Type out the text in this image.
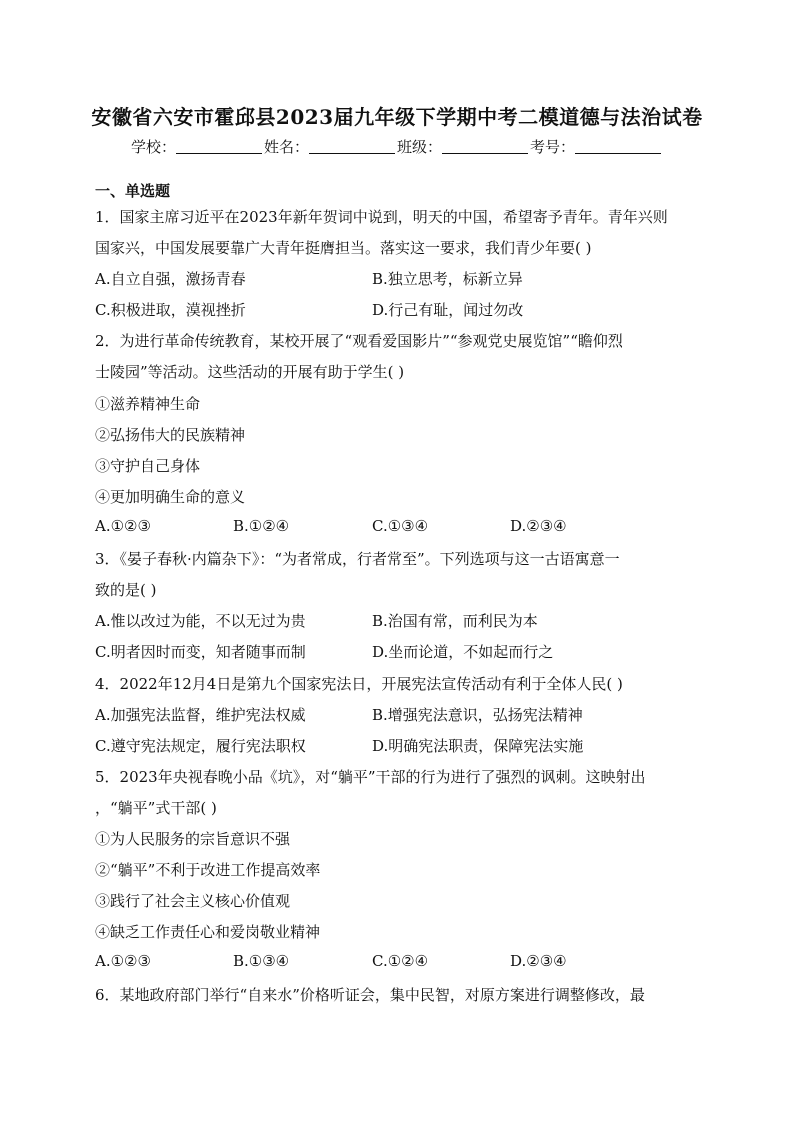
安徽省六安市霍邱县2023届九年级下学期中考二模道德与法治试卷
学校：	姓名：	班级：	考号：
一、单选题
1．国家主席习近平在2023年新年贺词中说到，明天的中国，希望寄予青年。青年兴则
国家兴，中国发展要靠广大青年挺膺担当。落实这一要求，我们青少年要( )
A.自立自强，激扬青春	B.独立思考，标新立异
C.积极进取，漠视挫折	D.行己有耻，闻过勿改
2．为进行革命传统教育，某校开展了“观看爱国影片”“参观党史展览馆”“瞻仰烈
士陵园”等活动。这些活动的开展有助于学生( )
①滋养精神生命
②弘扬伟大的民族精神
③守护自己身体
④更加明确生命的意义
A.①②③	B.①②④	C.①③④	D.②③④
3．《晏子春秋·内篇杂下》：“为者常成，行者常至”。下列选项与这一古语寓意一
致的是( )
A.惟以改过为能，不以无过为贵	B.治国有常，而利民为本
C.明者因时而变，知者随事而制	D.坐而论道，不如起而行之
4．2022年12月4日是第九个国家宪法日，开展宪法宣传活动有利于全体人民( )
A.加强宪法监督，维护宪法权威	B.增强宪法意识，弘扬宪法精神
C.遵守宪法规定，履行宪法职权	D.明确宪法职责，保障宪法实施
5．2023年央视春晚小品《坑》，对“躺平”干部的行为进行了强烈的讽刺。这映射出
，“躺平”式干部( )
①为人民服务的宗旨意识不强
②“躺平”不利于改进工作提高效率
③践行了社会主义核心价值观
④缺乏工作责任心和爱岗敬业精神
A.①②③	B.①③④	C.①②④	D.②③④
6．某地政府部门举行“自来水”价格听证会，集中民智，对原方案进行调整修改，最
